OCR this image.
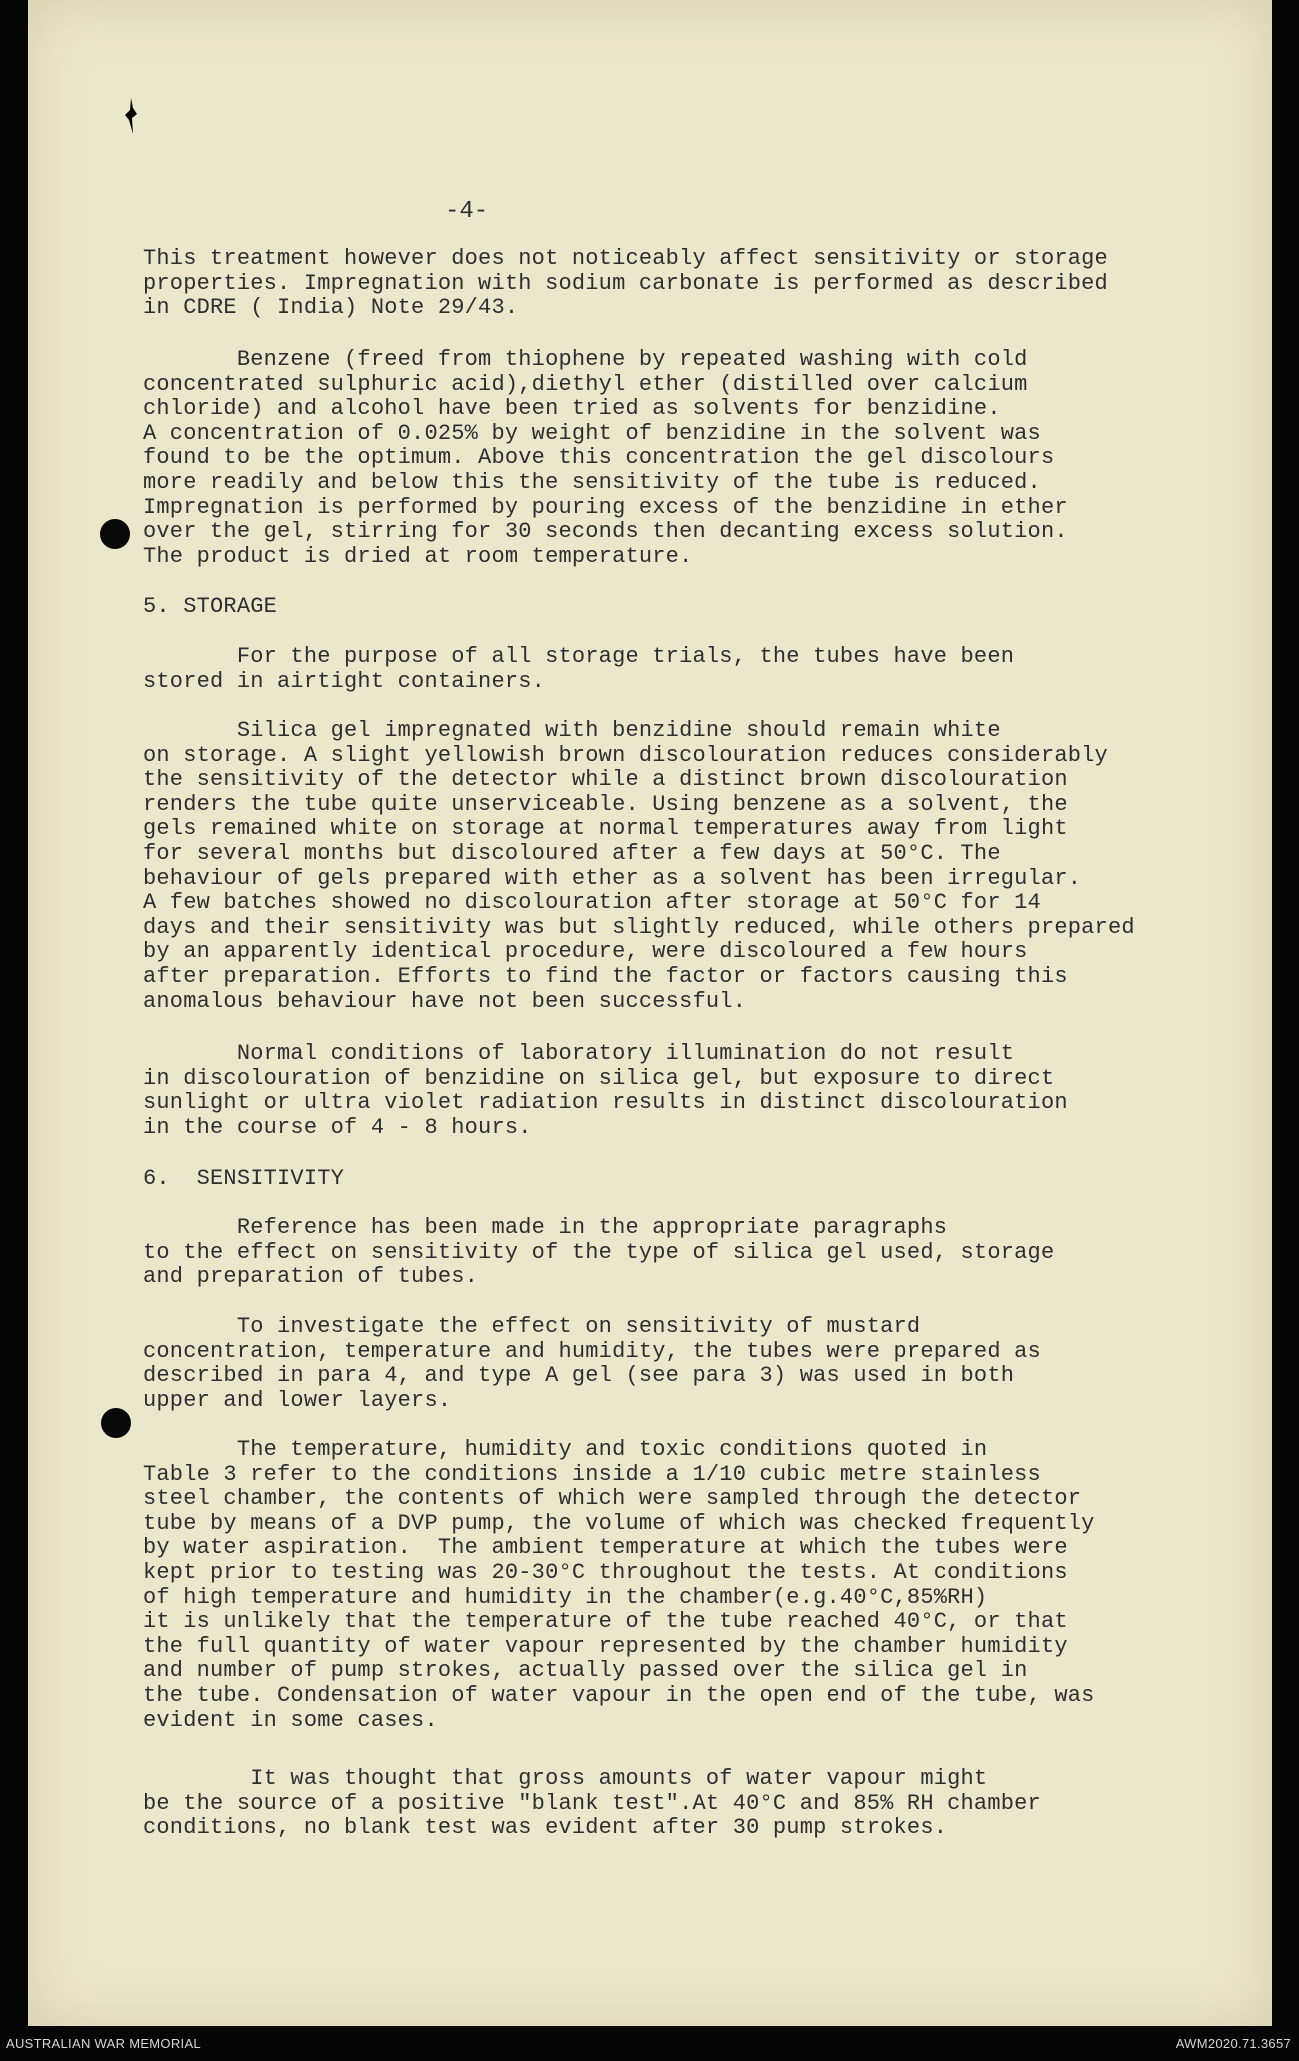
-4-
This treatment however does not noticeably affect sensitivity or storage
properties. Impregnation with sodium carbonate is performed as described
in CDRE ( India) Note 29/43.
Benzene (freed from thiophene by repeated washing with cold
concentrated sulphuric acid),diethyl ether (distilled over calcium
chloride) and alcohol have been tried as solvents for benzidine.
A concentration of 0.025% by weight of benzidine in the solvent was
found to be the optimum. Above this concentration the gel discolours
more readily and below this the sensitivity of the tube is reduced.
Impregnation is performed by pouring excess of the benzidine in ether
over the gel, stirring for 30 seconds then decanting excess solution.
The product is dried at room temperature.
5. STORAGE
For the purpose of all storage trials, the tubes have been
stored in airtight containers.
Silica gel impregnated with benzidine should remain white
on storage. A slight yellowish brown discolouration reduces considerably
the sensitivity of the detector while a distinct brown discolouration
renders the tube quite unserviceable. Using benzene as a solvent, the
gels remained white on storage at normal temperatures away from light
for several months but discoloured after a few days at 50°C. The
behaviour of gels prepared with ether as a solvent has been irregular.
A few batches showed no discolouration after storage at 50°C for 14
days and their sensitivity was but slightly reduced, while others prepared
by an apparently identical procedure, were discoloured a few hours
after preparation. Efforts to find the factor or factors causing this
anomalous behaviour have not been successful.
Normal conditions of laboratory illumination do not result
in discolouration of benzidine on silica gel, but exposure to direct
sunlight or ultra violet radiation results in distinct discolouration
in the course of 4 - 8 hours.
6.  SENSITIVITY
Reference has been made in the appropriate paragraphs
to the effect on sensitivity of the type of silica gel used, storage
and preparation of tubes.
To investigate the effect on sensitivity of mustard
concentration, temperature and humidity, the tubes were prepared as
described in para 4, and type A gel (see para 3) was used in both
upper and lower layers.
The temperature, humidity and toxic conditions quoted in
Table 3 refer to the conditions inside a 1/10 cubic metre stainless
steel chamber, the contents of which were sampled through the detector
tube by means of a DVP pump, the volume of which was checked frequently
by water aspiration.  The ambient temperature at which the tubes were
kept prior to testing was 20-30°C throughout the tests. At conditions
of high temperature and humidity in the chamber(e.g.40°C,85%RH)
it is unlikely that the temperature of the tube reached 40°C, or that
the full quantity of water vapour represented by the chamber humidity
and number of pump strokes, actually passed over the silica gel in
the tube. Condensation of water vapour in the open end of the tube, was
evident in some cases.
It was thought that gross amounts of water vapour might
be the source of a positive "blank test".At 40°C and 85% RH chamber
conditions, no blank test was evident after 30 pump strokes.
AUSTRALIAN WAR MEMORIAL	AWM2020.71.3657
